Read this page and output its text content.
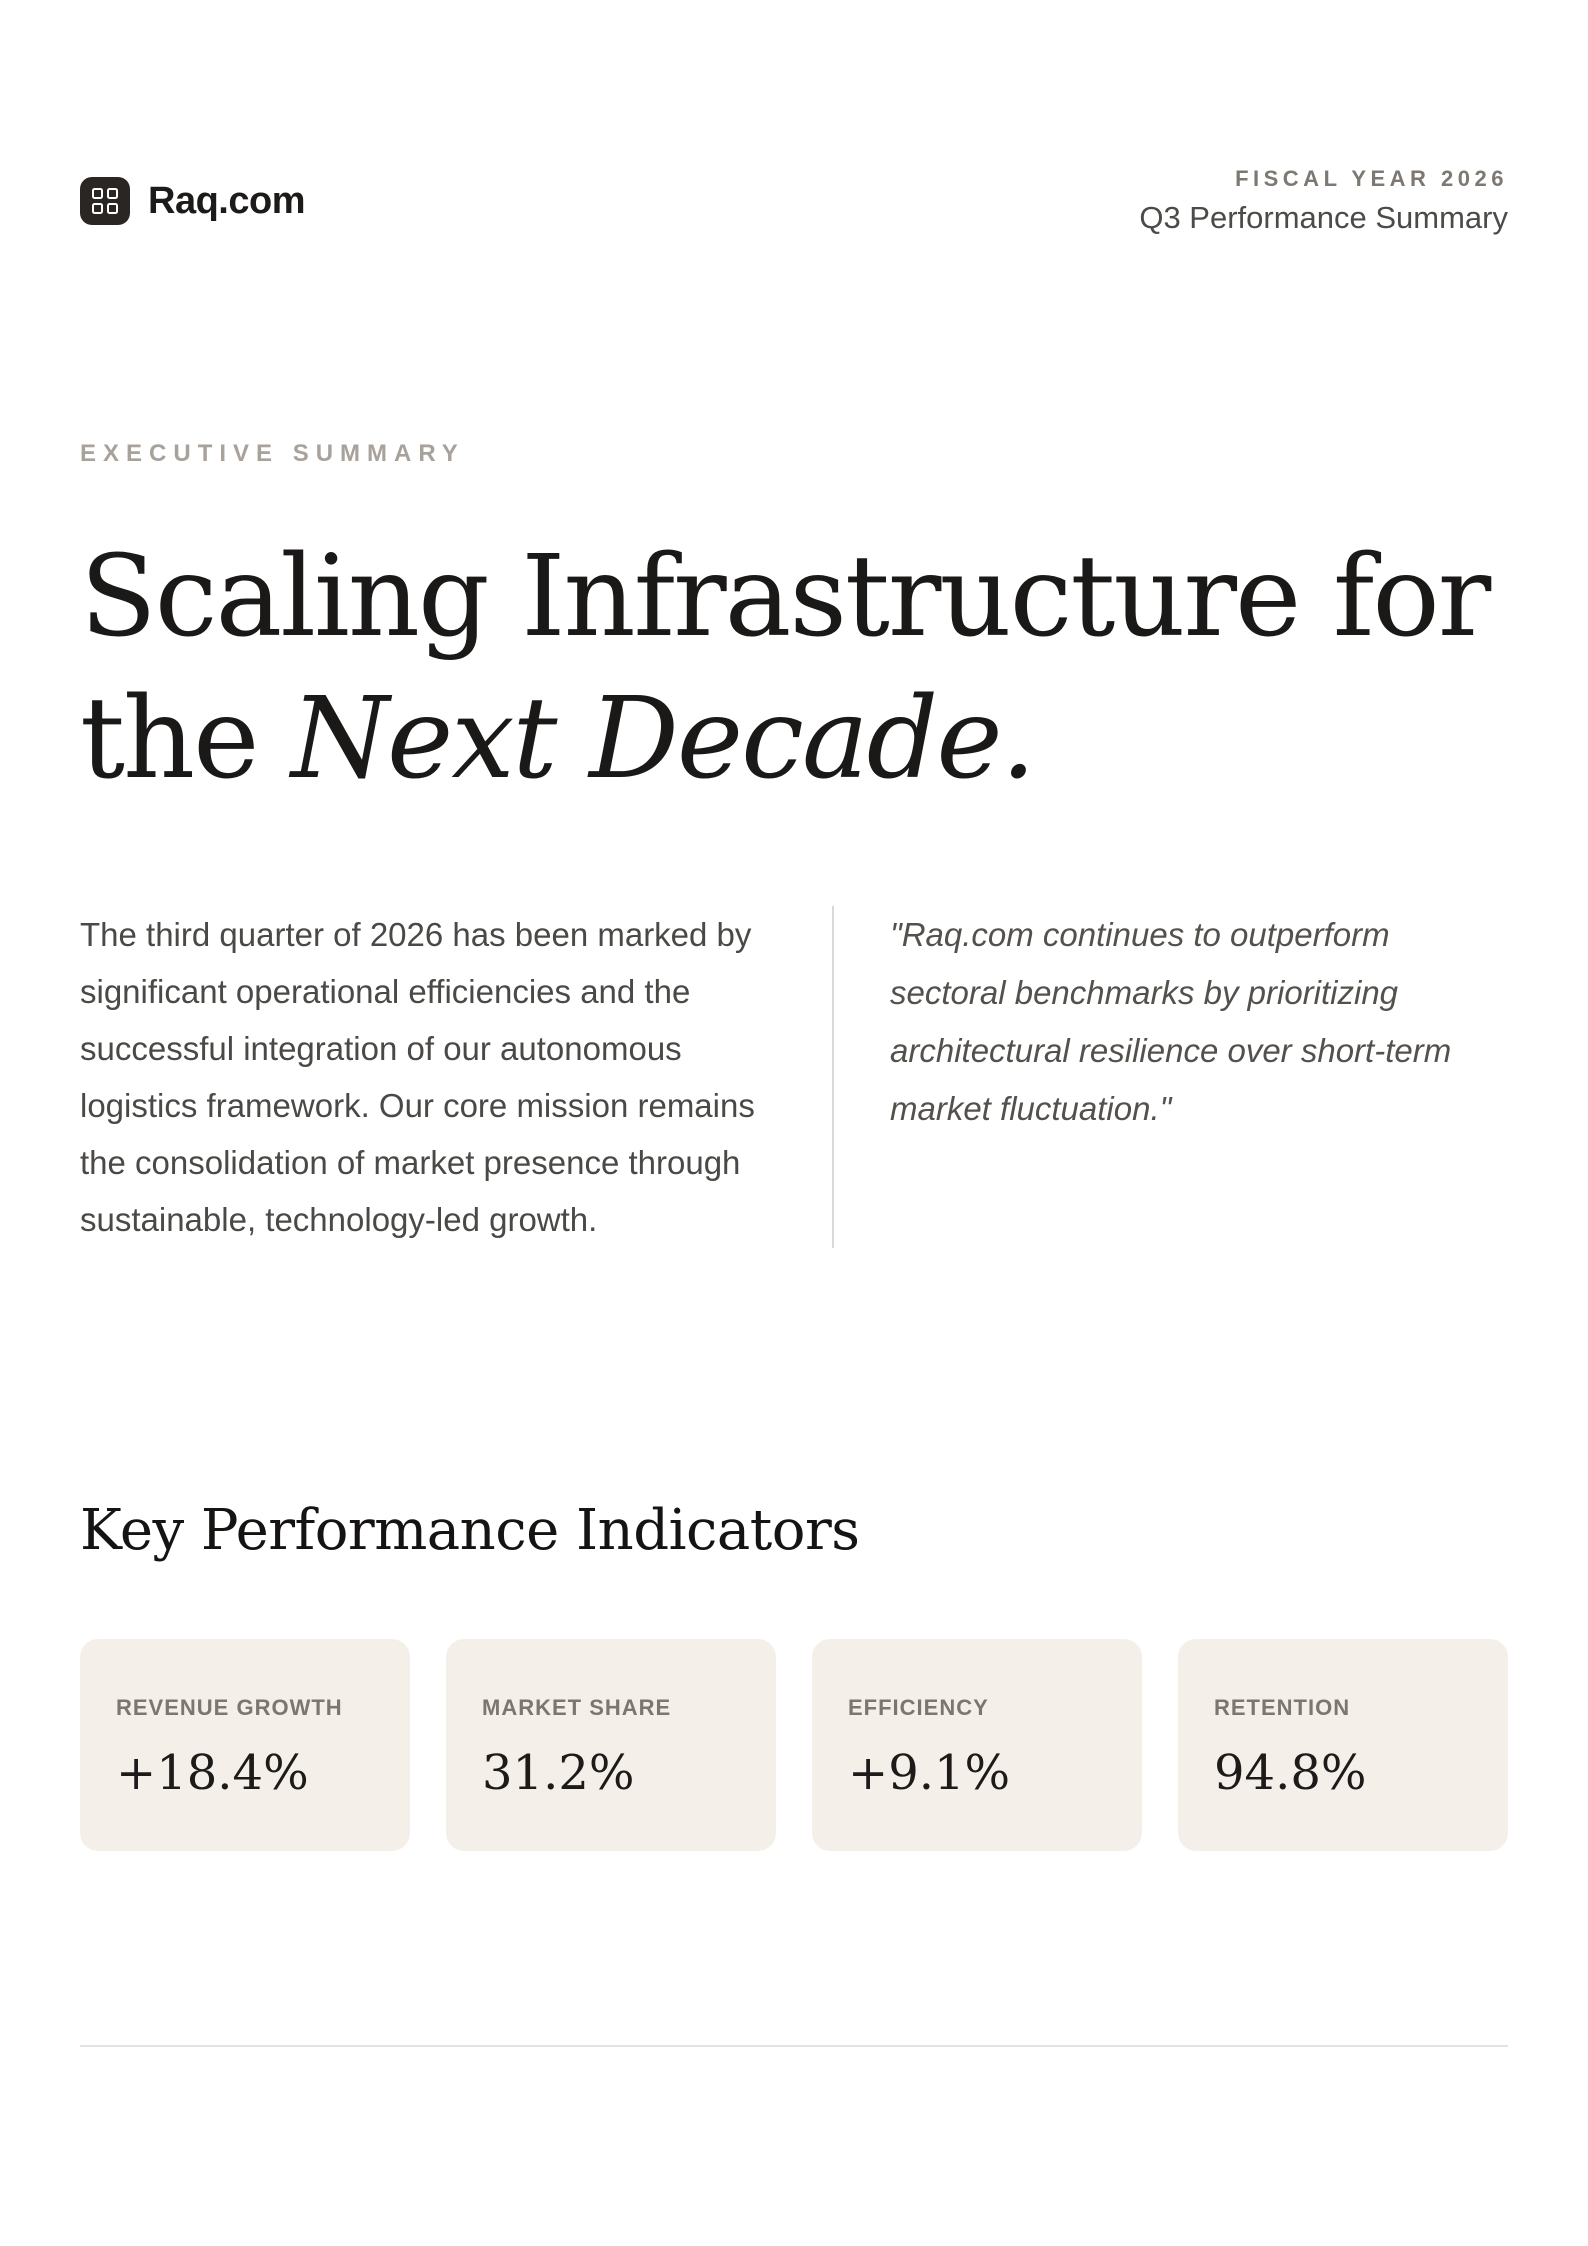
Raq.com
FISCAL YEAR 2026
Q3 Performance Summary
EXECUTIVE SUMMARY
Scaling Infrastructure for
the Next Decade.

The third quarter of 2026 has been marked by significant operational efficiencies and the successful integration of our autonomous logistics framework. Our core mission remains the consolidation of market presence through sustainable, technology-led growth.

"Raq.com continues to outperform sectoral benchmarks by prioritizing architectural resilience over short-term market fluctuation."
Key Performance Indicators
REVENUE GROWTH
+18.4%
MARKET SHARE
31.2%
EFFICIENCY
+9.1%
RETENTION
94.8%
